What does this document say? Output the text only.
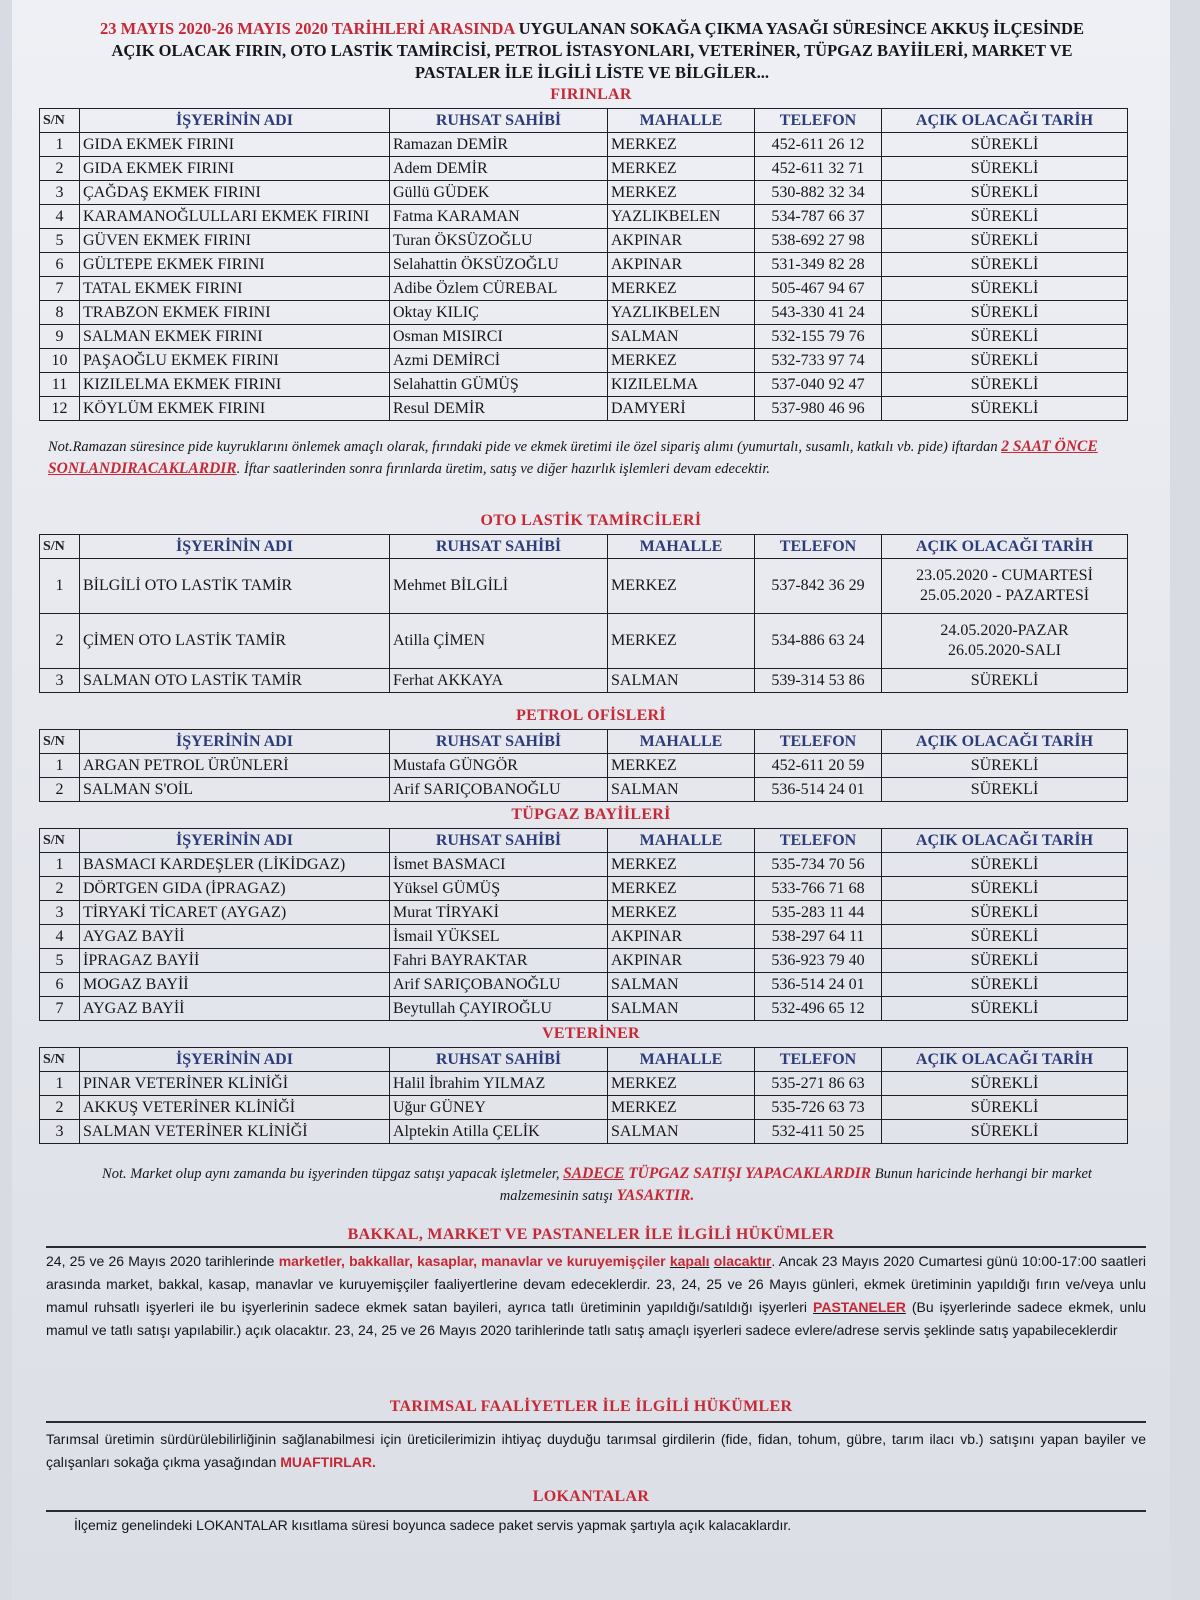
23 MAYIS 2020-26 MAYIS 2020 TARİHLERİ ARASINDA UYGULANAN SOKAĞA ÇIKMA YASAĞI SÜRESİNCE AKKUŞ İLÇESİNDE
AÇIK OLACAK FIRIN, OTO LASTİK TAMİRCİSİ, PETROL İSTASYONLARI, VETERİNER, TÜPGAZ BAYİİLERİ, MARKET VE
PASTALER İLE İLGİLİ LİSTE VE BİLGİLER...
FIRINLAR
S/N	İŞYERİNİN ADI	RUHSAT SAHİBİ	MAHALLE	TELEFON	AÇIK OLACAĞI TARİH
1	GIDA EKMEK FIRINI	Ramazan DEMİR	MERKEZ	452-611 26 12	SÜREKLİ
2	GIDA EKMEK FIRINI	Adem DEMİR	MERKEZ	452-611 32 71	SÜREKLİ
3	ÇAĞDAŞ EKMEK FIRINI	Güllü GÜDEK	MERKEZ	530-882 32 34	SÜREKLİ
4	KARAMANOĞLULLARI EKMEK FIRINI	Fatma KARAMAN	YAZLIKBELEN	534-787 66 37	SÜREKLİ
5	GÜVEN EKMEK FIRINI	Turan ÖKSÜZOĞLU	AKPINAR	538-692 27 98	SÜREKLİ
6	GÜLTEPE EKMEK FIRINI	Selahattin ÖKSÜZOĞLU	AKPINAR	531-349 82 28	SÜREKLİ
7	TATAL EKMEK FIRINI	Adibe Özlem CÜREBAL	MERKEZ	505-467 94 67	SÜREKLİ
8	TRABZON EKMEK FIRINI	Oktay KILIÇ	YAZLIKBELEN	543-330 41 24	SÜREKLİ
9	SALMAN EKMEK FIRINI	Osman MISIRCI	SALMAN	532-155 79 76	SÜREKLİ
10	PAŞAOĞLU EKMEK FIRINI	Azmi DEMİRCİ	MERKEZ	532-733 97 74	SÜREKLİ
11	KIZILELMA EKMEK FIRINI	Selahattin GÜMÜŞ	KIZILELMA	537-040 92 47	SÜREKLİ
12	KÖYLÜM EKMEK FIRINI	Resul DEMİR	DAMYERİ	537-980 46 96	SÜREKLİ
Not.Ramazan süresince pide kuyruklarını önlemek amaçlı olarak, fırındaki pide ve ekmek üretimi ile özel sipariş alımı (yumurtalı, susamlı, katkılı vb. pide) iftardan 2 SAAT ÖNCE SONLANDIRACAKLARDIR. İftar saatlerinden sonra fırınlarda üretim, satış ve diğer hazırlık işlemleri devam edecektir.
OTO LASTİK TAMİRCİLERİ
S/N	İŞYERİNİN ADI	RUHSAT SAHİBİ	MAHALLE	TELEFON	AÇIK OLACAĞI TARİH
1	BİLGİLİ OTO LASTİK TAMİR	Mehmet BİLGİLİ	MERKEZ	537-842 36 29	23.05.2020 - CUMARTESİ
25.05.2020 - PAZARTESİ

2	ÇİMEN OTO LASTİK TAMİR	Atilla ÇİMEN	MERKEZ	534-886 63 24	24.05.2020-PAZAR
26.05.2020-SALI

3	SALMAN OTO LASTİK TAMİR	Ferhat AKKAYA	SALMAN	539-314 53 86	SÜREKLİ
PETROL OFİSLERİ
S/N	İŞYERİNİN ADI	RUHSAT SAHİBİ	MAHALLE	TELEFON	AÇIK OLACAĞI TARİH
1	ARGAN PETROL ÜRÜNLERİ	Mustafa GÜNGÖR	MERKEZ	452-611 20 59	SÜREKLİ
2	SALMAN S'OİL	Arif SARIÇOBANOĞLU	SALMAN	536-514 24 01	SÜREKLİ
TÜPGAZ BAYİİLERİ
S/N	İŞYERİNİN ADI	RUHSAT SAHİBİ	MAHALLE	TELEFON	AÇIK OLACAĞI TARİH
1	BASMACI KARDEŞLER (LİKİDGAZ)	İsmet BASMACI	MERKEZ	535-734 70 56	SÜREKLİ
2	DÖRTGEN GIDA (İPRAGAZ)	Yüksel GÜMÜŞ	MERKEZ	533-766 71 68	SÜREKLİ
3	TİRYAKİ TİCARET (AYGAZ)	Murat TİRYAKİ	MERKEZ	535-283 11 44	SÜREKLİ
4	AYGAZ BAYİİ	İsmail YÜKSEL	AKPINAR	538-297 64 11	SÜREKLİ
5	İPRAGAZ BAYİİ	Fahri BAYRAKTAR	AKPINAR	536-923 79 40	SÜREKLİ
6	MOGAZ BAYİİ	Arif SARIÇOBANOĞLU	SALMAN	536-514 24 01	SÜREKLİ
7	AYGAZ BAYİİ	Beytullah ÇAYIROĞLU	SALMAN	532-496 65 12	SÜREKLİ
VETERİNER
S/N	İŞYERİNİN ADI	RUHSAT SAHİBİ	MAHALLE	TELEFON	AÇIK OLACAĞI TARİH
1	PINAR VETERİNER KLİNİĞİ	Halil İbrahim YILMAZ	MERKEZ	535-271 86 63	SÜREKLİ
2	AKKUŞ VETERİNER KLİNİĞİ	Uğur GÜNEY	MERKEZ	535-726 63 73	SÜREKLİ
3	SALMAN VETERİNER KLİNİĞİ	Alptekin Atilla ÇELİK	SALMAN	532-411 50 25	SÜREKLİ
Not. Market olup aynı zamanda bu işyerinden tüpgaz satışı yapacak işletmeler, SADECE TÜPGAZ SATIŞI YAPACAKLARDIR Bunun haricinde herhangi bir market malzemesinin satışı YASAKTIR.
BAKKAL, MARKET VE PASTANELER İLE İLGİLİ HÜKÜMLER
24, 25 ve 26 Mayıs 2020 tarihlerinde marketler, bakkallar, kasaplar, manavlar ve kuruyemişçiler kapalı olacaktır. Ancak 23 Mayıs 2020 Cumartesi günü 10:00-17:00 saatleri arasında market, bakkal, kasap, manavlar ve kuruyemişçiler faaliyertlerine devam edeceklerdir. 23, 24, 25 ve 26 Mayıs günleri, ekmek üretiminin yapıldığı fırın ve/veya unlu mamul ruhsatlı işyerleri ile bu işyerlerinin sadece ekmek satan bayileri, ayrıca tatlı üretiminin yapıldığı/satıldığı işyerleri PASTANELER (Bu işyerlerinde sadece ekmek, unlu mamul ve tatlı satışı yapılabilir.) açık olacaktır. 23, 24, 25 ve 26 Mayıs 2020 tarihlerinde tatlı satış amaçlı işyerleri sadece evlere/adrese servis şeklinde satış yapabileceklerdir
TARIMSAL FAALİYETLER İLE İLGİLİ HÜKÜMLER
Tarımsal üretimin sürdürülebilirliğinin sağlanabilmesi için üreticilerimizin ihtiyaç duyduğu tarımsal girdilerin (fide, fidan, tohum, gübre, tarım ilacı vb.) satışını yapan bayiler ve çalışanları sokağa çıkma yasağından MUAFTIRLAR.
LOKANTALAR
İlçemiz genelindeki LOKANTALAR kısıtlama süresi boyunca sadece paket servis yapmak şartıyla açık kalacaklardır.
